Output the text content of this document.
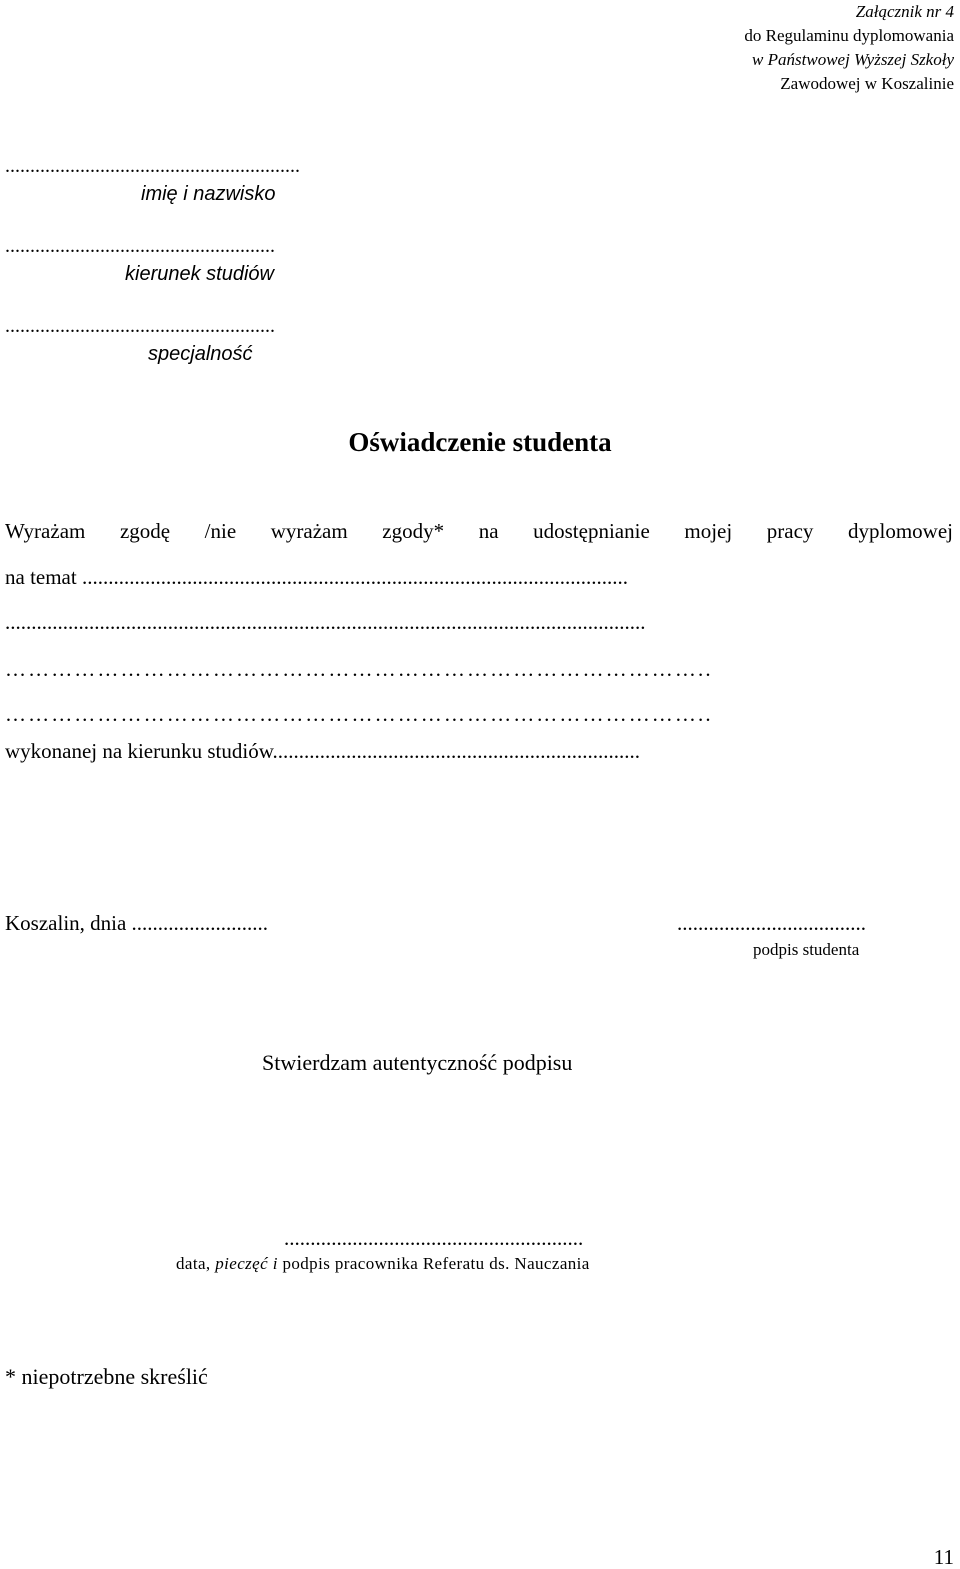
Załącznik nr 4
do Regulaminu dyplomowania
w Państwowej Wyższej Szkoły
Zawodowej w Koszalinie
...........................................................
imię i nazwisko
......................................................
kierunek studiów
......................................................
specjalność
Oświadczenie studenta
Wyrażam zgodę /nie wyrażam zgody* na udostępnianie mojej pracy dyplomowej
na temat ........................................................................................................
..........................................................................................................................
………………………………………………………………………………..
………………………………………………………………………………..
wykonanej na kierunku studiów......................................................................
Koszalin, dnia ..........................	....................................
podpis studenta
Stwierdzam autentyczność podpisu
.........................................................
data, pieczęć i podpis pracownika Referatu ds. Nauczania
* niepotrzebne skreślić
11
